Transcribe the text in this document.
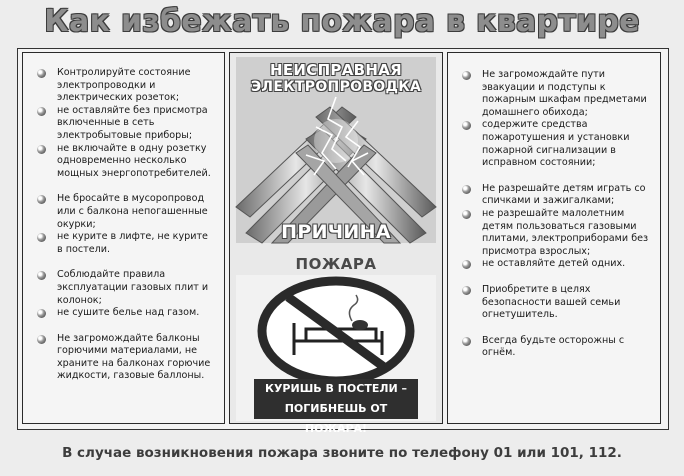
Как избежать пожара в квартире
Контролируйте состояние электропроводки и электрических розеток;
не оставляйте без присмотра включенные в сеть электробытовые приборы;
не включайте в одну розетку одновременно несколько мощных энергопотребителей.
Не бросайте в мусоропровод или с балкона непогашенные окурки;
не курите в лифте, не курите в постели.
Соблюдайте правила эксплуатации газовых плит и колонок;
не сушите белье над газом.
Не загромождайте балконы горючими материалами, не храните на балконах горючие жидкости, газовые баллоны.
НЕИСПРАВНАЯ
ЭЛЕКТРОПРОВОДКА
ПРИЧИНА
ПОЖАРА
КУРИШЬ В ПОСТЕЛИ –
ПОГИБНЕШЬ ОТ ПОЖАРА!
Не загромождайте пути эвакуации и подступы к пожарным шкафам предметами домашнего обихода;
содержите средства пожаротушения и установки пожарной сигнализации в исправном состоянии;
Не разрешайте детям играть со спичками и зажигалками;
не разрешайте малолетним детям пользоваться газовыми плитами, электроприборами без присмотра взрослых;
не оставляйте детей одних.
Приобретите в целях безопасности вашей семьи огнетушитель.
Всегда будьте осторожны с огнём.
В случае возникновения пожара звоните по телефону 01 или 101, 112.
